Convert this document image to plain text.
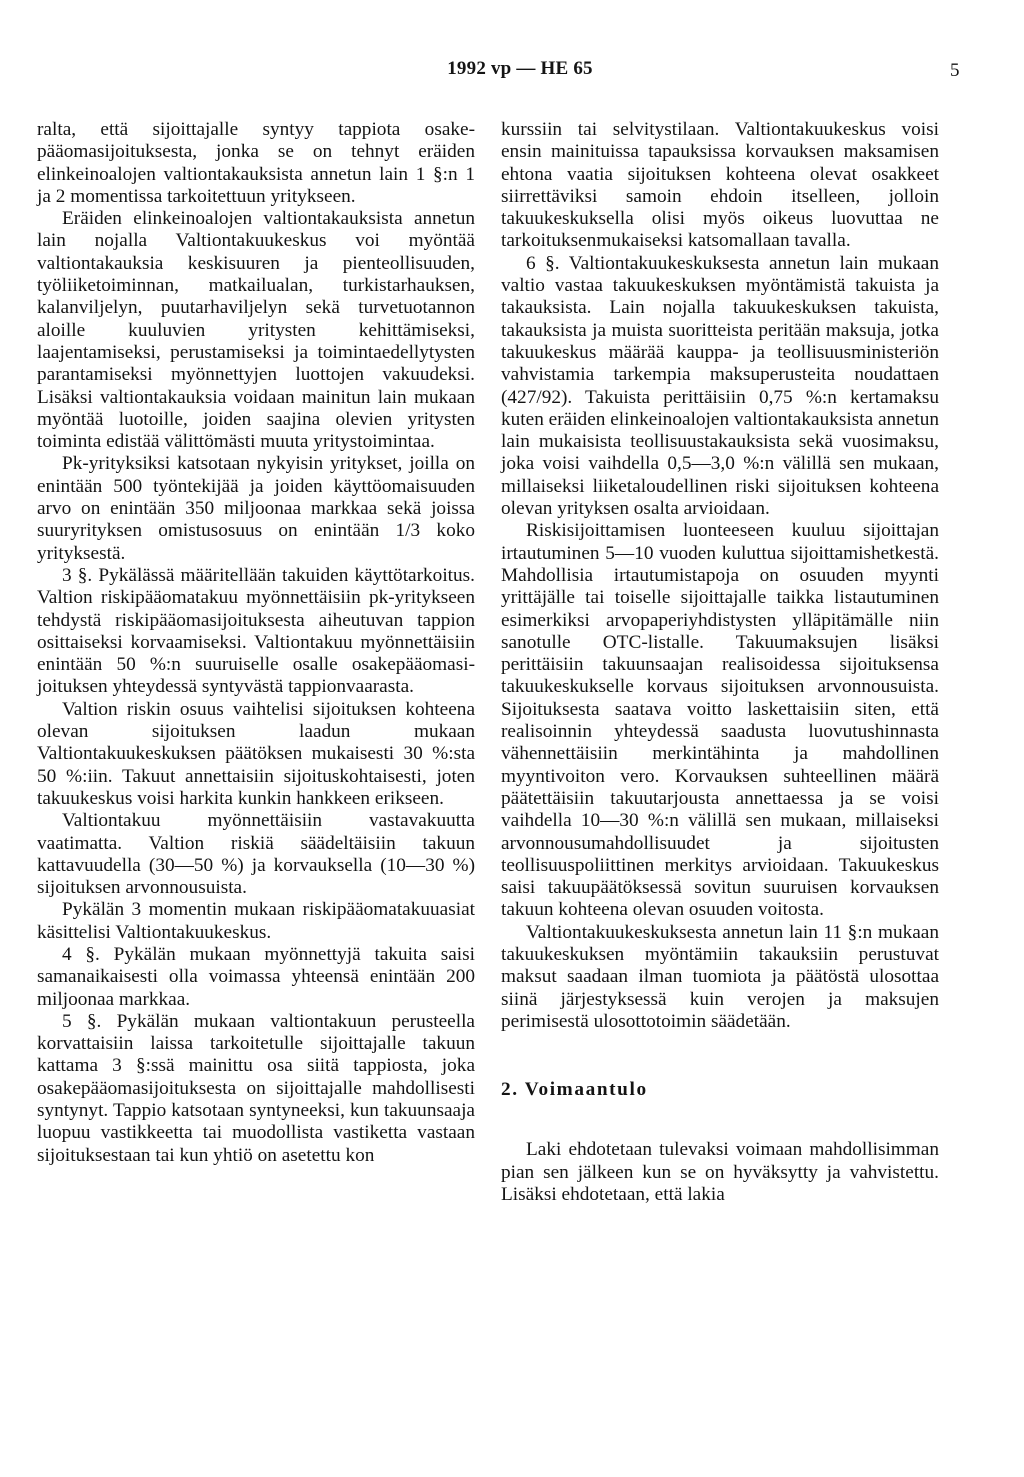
1992 vp — HE 65	5

ralta, että sijoittajalle syntyy tappiota osakepääomasijoituksesta, jonka se on tehnyt eräiden elinkeinoalojen valtiontakauksista annetun lain 1 §:n 1 ja 2 momentissa tarkoitettuun yritykseen.

Eräiden elinkeinoalojen valtiontakauksista annetun lain nojalla Valtiontakuukeskus voi myöntää valtiontakauksia keskisuuren ja pienteollisuuden, työliiketoiminnan, matkailualan, turkistarhauksen, kalanviljelyn, puutarhaviljelyn sekä turvetuotannon aloille kuuluvien yritysten kehittämiseksi, laajentamiseksi, perustamiseksi ja toimintaedellytysten parantamiseksi myönnettyjen luottojen vakuudeksi. Lisäksi valtiontakauksia voidaan mainitun lain mukaan myöntää luotoille, joiden saajina olevien yritysten toiminta edistää välittömästi muuta yritystoimintaa.

Pk-yrityksiksi katsotaan nykyisin yritykset, joilla on enintään 500 työntekijää ja joiden käyttöomaisuuden arvo on enintään 350 miljoonaa markkaa sekä joissa suuryrityksen omistusosuus on enintään 1/3 koko yrityksestä.

3 §. Pykälässä määritellään takuiden käyttötarkoitus. Valtion riskipääomatakuu myönnettäisiin pk-yritykseen tehdystä riskipääomasijoituksesta aiheutuvan tappion osittaiseksi korvaamiseksi. Valtiontakuu myönnettäisiin enintään 50 %:n suuruiselle osalle osakepääomasijoituksen yhteydessä syntyvästä tappionvaarasta.

Valtion riskin osuus vaihtelisi sijoituksen kohteena olevan sijoituksen laadun mukaan Valtiontakuukeskuksen päätöksen mukaisesti 30 %:sta 50 %:iin. Takuut annettaisiin sijoituskohtaisesti, joten takuukeskus voisi harkita kunkin hankkeen erikseen.

Valtiontakuu myönnettäisiin vastavakuutta vaatimatta. Valtion riskiä säädeltäisiin takuun kattavuudella (30—50 %) ja korvauksella (10—30 %) sijoituksen arvonnousuista.

Pykälän 3 momentin mukaan riskipääomatakuuasiat käsittelisi Valtiontakuukeskus.

4 §. Pykälän mukaan myönnettyjä takuita saisi samanaikaisesti olla voimassa yhteensä enintään 200 miljoonaa markkaa.

5 §. Pykälän mukaan valtiontakuun perusteella korvattaisiin laissa tarkoitetulle sijoittajalle takuun kattama 3 §:ssä mainittu osa siitä tappiosta, joka osakepääomasijoituksesta on sijoittajalle mahdollisesti syntynyt. Tappio katsotaan syntyneeksi, kun takuunsaaja luopuu vastikkeetta tai muodollista vastiketta vastaan sijoituksestaan tai kun yhtiö on asetettu kon

kurssiin tai selvitystilaan. Valtiontakuukeskus voisi ensin mainituissa tapauksissa korvauksen maksamisen ehtona vaatia sijoituksen kohteena olevat osakkeet siirrettäviksi samoin ehdoin itselleen, jolloin takuukeskuksella olisi myös oikeus luovuttaa ne tarkoituksenmukaiseksi katsomallaan tavalla.

6 §. Valtiontakuukeskuksesta annetun lain mukaan valtio vastaa takuukeskuksen myöntämistä takuista ja takauksista. Lain nojalla takuukeskuksen takuista, takauksista ja muista suoritteista peritään maksuja, jotka takuukeskus määrää kauppa- ja teollisuusministeriön vahvistamia tarkempia maksuperusteita noudattaen (427/92). Takuista perittäisiin 0,75 %:n kertamaksu kuten eräiden elinkeinoalojen valtiontakauksista annetun lain mukaisista teollisuustakauksista sekä vuosimaksu, joka voisi vaihdella 0,5—3,0 %:n välillä sen mukaan, millaiseksi liiketaloudellinen riski sijoituksen kohteena olevan yrityksen osalta arvioidaan.

Riskisijoittamisen luonteeseen kuuluu sijoittajan irtautuminen 5—10 vuoden kuluttua sijoittamishetkestä. Mahdollisia irtautumistapoja on osuuden myynti yrittäjälle tai toiselle sijoittajalle taikka listautuminen esimerkiksi arvopaperiyhdistysten ylläpitämälle niin sanotulle OTC-listalle. Takuumaksujen lisäksi perittäisiin takuunsaajan realisoidessa sijoituksensa takuukeskukselle korvaus sijoituksen arvonnousuista. Sijoituksesta saatava voitto laskettaisiin siten, että realisoinnin yhteydessä saadusta luovutushinnasta vähennettäisiin merkintähinta ja mahdollinen myyntivoiton vero. Korvauksen suhteellinen määrä päätettäisiin takuutarjousta annettaessa ja se voisi vaihdella 10—30 %:n välillä sen mukaan, millaiseksi arvonnousumahdollisuudet ja sijoitusten teollisuuspoliittinen merkitys arvioidaan. Takuukeskus saisi takuupäätöksessä sovitun suuruisen korvauksen takuun kohteena olevan osuuden voitosta.

Valtiontakuukeskuksesta annetun lain 11 §:n mukaan takuukeskuksen myöntämiin takauksiin perustuvat maksut saadaan ilman tuomiota ja päätöstä ulosottaa siinä järjestyksessä kuin verojen ja maksujen perimisestä ulosottotoimin säädetään.

2. Voimaantulo

Laki ehdotetaan tulevaksi voimaan mahdollisimman pian sen jälkeen kun se on hyväksytty ja vahvistettu. Lisäksi ehdotetaan, että lakia
